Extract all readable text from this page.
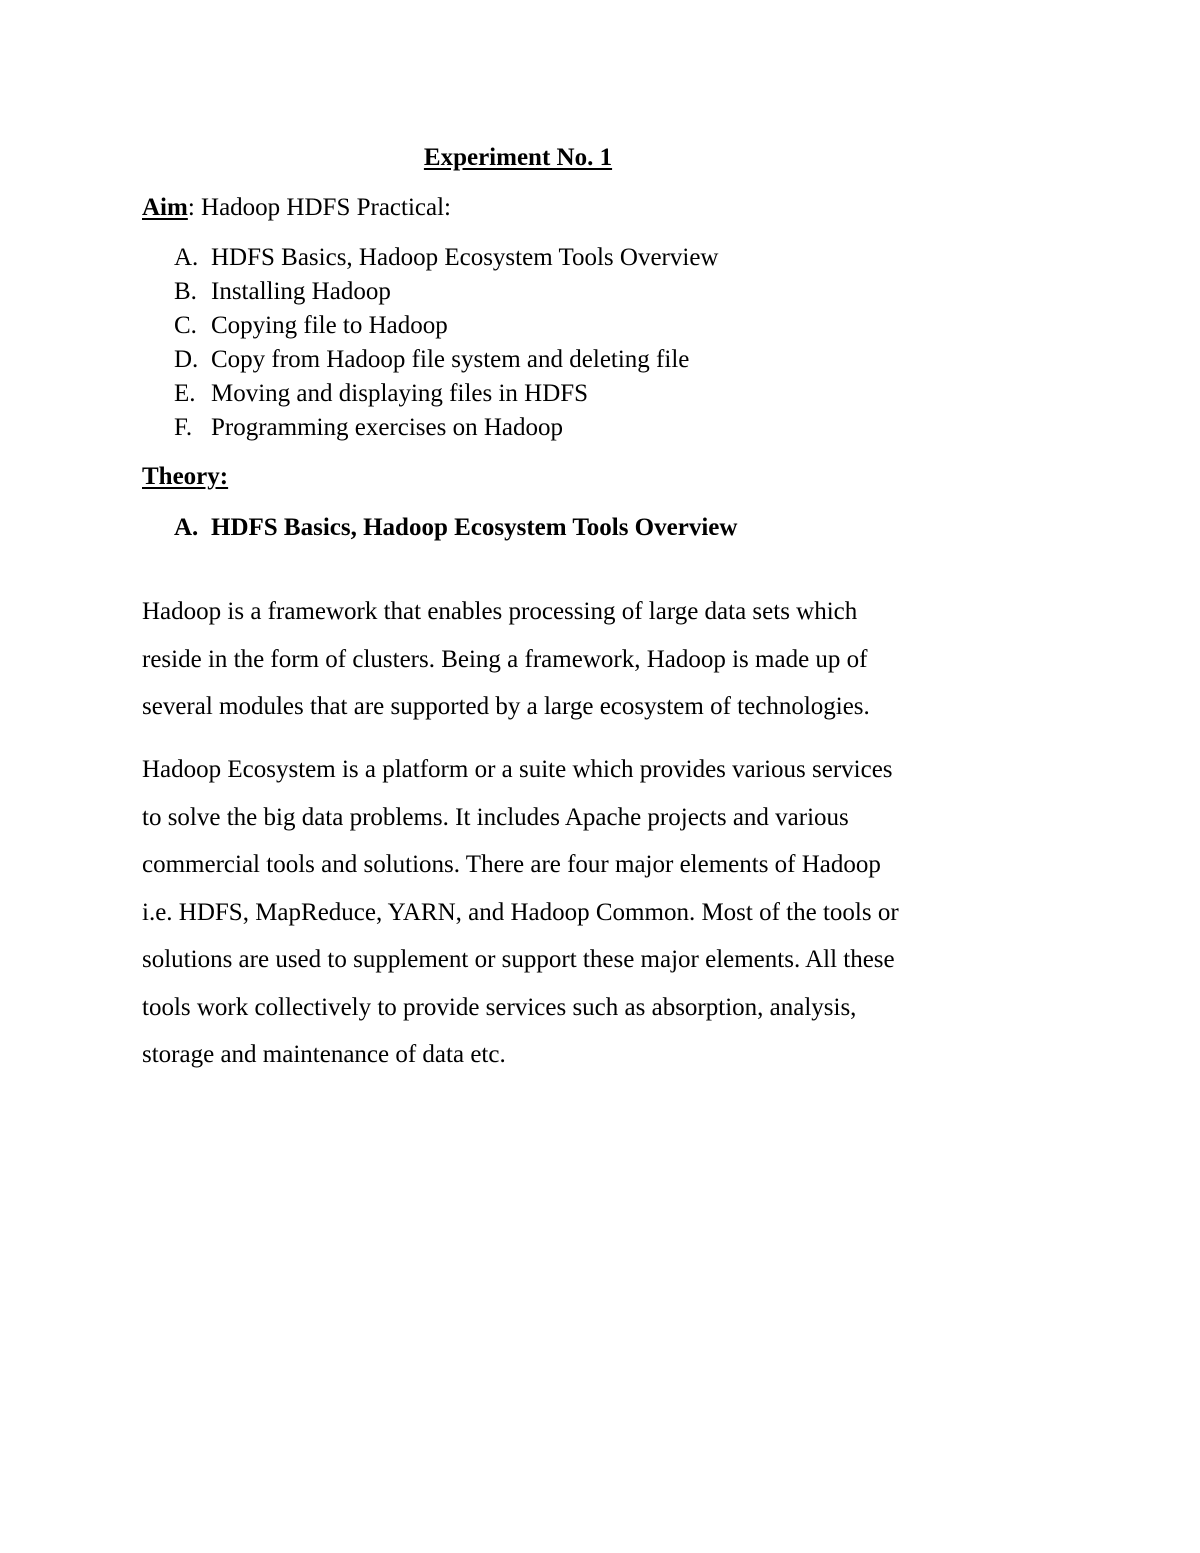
Experiment No. 1
Aim: Hadoop HDFS Practical:
A. HDFS Basics, Hadoop Ecosystem Tools Overview
B. Installing Hadoop
C. Copying file to Hadoop
D. Copy from Hadoop file system and deleting file
E. Moving and displaying files in HDFS
F. Programming exercises on Hadoop
Theory:
A. HDFS Basics, Hadoop Ecosystem Tools Overview

Hadoop is a framework that enables processing of large data sets which
reside in the form of clusters. Being a framework, Hadoop is made up of
several modules that are supported by a large ecosystem of technologies.

Hadoop Ecosystem is a platform or a suite which provides various services
to solve the big data problems. It includes Apache projects and various
commercial tools and solutions. There are four major elements of Hadoop
i.e. HDFS, MapReduce, YARN, and Hadoop Common. Most of the tools or
solutions are used to supplement or support these major elements. All these
tools work collectively to provide services such as absorption, analysis,
storage and maintenance of data etc.
